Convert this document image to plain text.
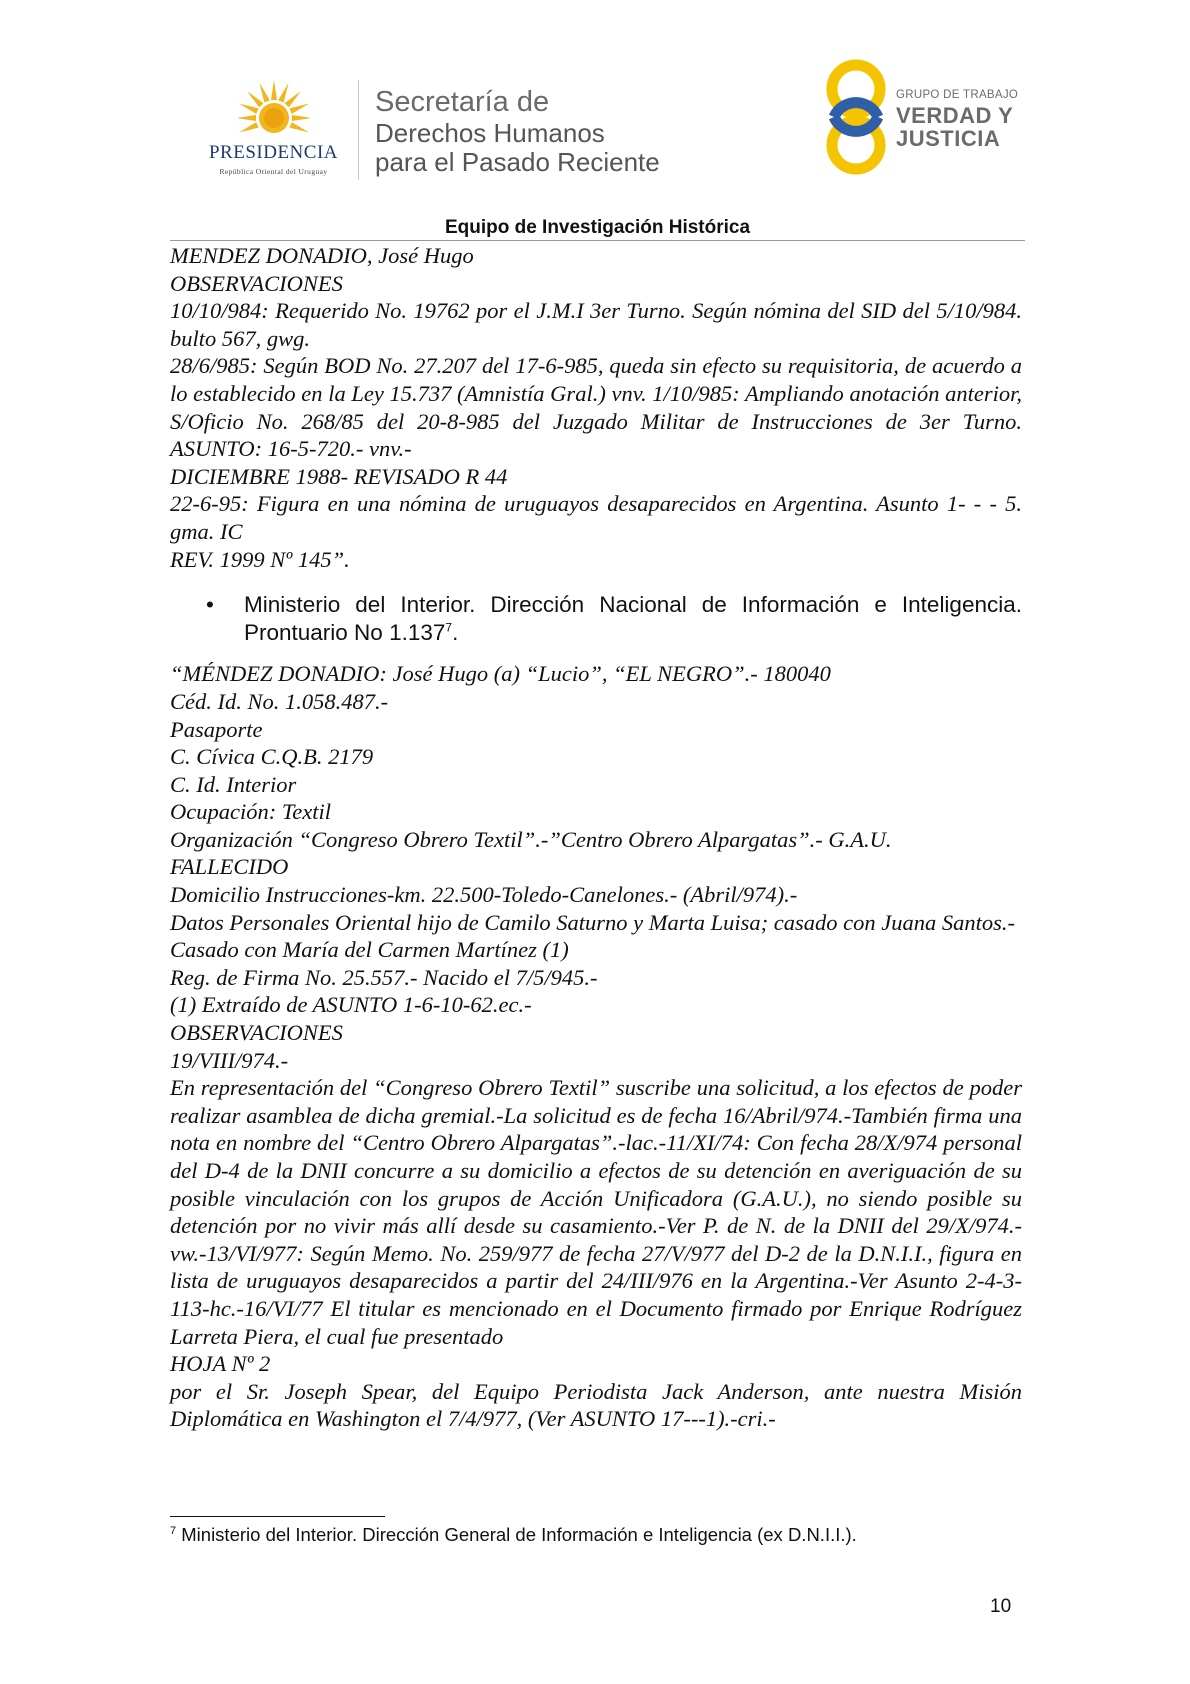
PRESIDENCIA
República Oriental del Uruguay
Secretaría de
Derechos Humanos
para el Pasado Reciente
GRUPO DE TRABAJO
VERDAD Y
JUSTICIA
Equipo de Investigación Histórica

MENDEZ DONADIO, José Hugo

OBSERVACIONES

10/10/984: Requerido No. 19762 por el J.M.I 3er Turno. Según nómina del SID del 5/10/984. bulto 567, gwg.

28/6/985: Según BOD No. 27.207 del 17-6-985, queda sin efecto su requisitoria, de acuerdo a lo establecido en la Ley 15.737 (Amnistía Gral.) vnv. 1/10/985: Ampliando anotación anterior, S/Oficio No. 268/85 del 20-8-985 del Juzgado Militar de Instrucciones de 3er Turno. ASUNTO: 16-5-720.- vnv.-

DICIEMBRE 1988- REVISADO R 44

22-6-95: Figura en una nómina de uruguayos desaparecidos en Argentina. Asunto 1- - - 5. gma. IC

REV. 1999 Nº 145”.

• Ministerio del Interior. Dirección Nacional de Información e Inteligencia. Prontuario No 1.137$^7$.

“MÉNDEZ DONADIO: José Hugo (a) “Lucio”, “EL NEGRO”.- 180040

Céd. Id. No. 1.058.487.-

Pasaporte

C. Cívica C.Q.B. 2179

C. Id. Interior

Ocupación: Textil

Organización “Congreso Obrero Textil”.-”Centro Obrero Alpargatas”.- G.A.U.

FALLECIDO

Domicilio Instrucciones-km. 22.500-Toledo-Canelones.- (Abril/974).-

Datos Personales Oriental hijo de Camilo Saturno y Marta Luisa; casado con Juana Santos.-

Casado con María del Carmen Martínez (1)

Reg. de Firma No. 25.557.- Nacido el 7/5/945.-

(1) Extraído de ASUNTO 1-6-10-62.ec.-

OBSERVACIONES

19/VIII/974.-

En representación del “Congreso Obrero Textil” suscribe una solicitud, a los efectos de poder realizar asamblea de dicha gremial.-La solicitud es de fecha 16/Abril/974.-También firma una nota en nombre del “Centro Obrero Alpargatas”.-lac.-11/XI/74: Con fecha 28/X/974 personal del D-4 de la DNII concurre a su domicilio a efectos de su detención en averiguación de su posible vinculación con los grupos de Acción Unificadora (G.A.U.), no siendo posible su detención por no vivir más allí desde su casamiento.-Ver P. de N. de la DNII del 29/X/974.-vw.-13/VI/977: Según Memo. No. 259/977 de fecha 27/V/977 del D-2 de la D.N.I.I., figura en lista de uruguayos desaparecidos a partir del 24/III/976 en la Argentina.-Ver Asunto 2-4-3-113-hc.-16/VI/77 El titular es mencionado en el Documento firmado por Enrique Rodríguez Larreta Piera, el cual fue presentado

HOJA Nº 2

por el Sr. Joseph Spear, del Equipo Periodista Jack Anderson, ante nuestra Misión Diplomática en Washington el 7/4/977, (Ver ASUNTO 17---1).-cri.-

$^7$ Ministerio del Interior. Dirección General de Información e Inteligencia (ex D.N.I.I.).
10
